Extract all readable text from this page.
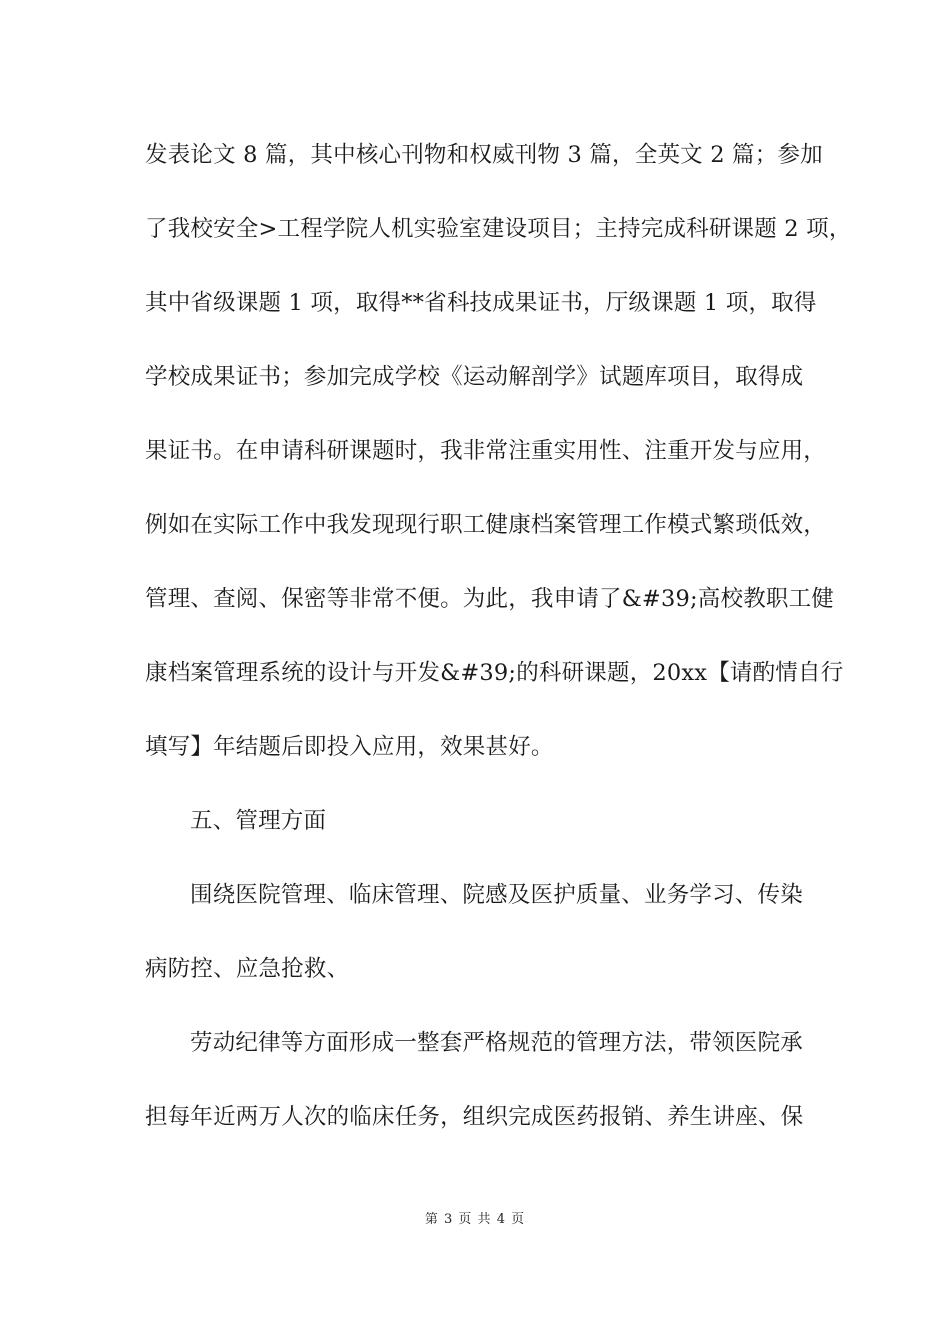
发表论文 8 篇，其中核心刊物和权威刊物 3 篇，全英文 2 篇；参加
了我校安全>工程学院人机实验室建设项目；主持完成科研课题 2 项，
其中省级课题 1 项，取得**省科技成果证书，厅级课题 1 项，取得
学校成果证书；参加完成学校《运动解剖学》试题库项目，取得成
果证书。在申请科研课题时，我非常注重实用性、注重开发与应用，
例如在实际工作中我发现现行职工健康档案管理工作模式繁琐低效，
管理、查阅、保密等非常不便。为此，我申请了&#39;高校教职工健
康档案管理系统的设计与开发&#39;的科研课题，20xx【请酌情自行
填写】年结题后即投入应用，效果甚好。
五、管理方面
围绕医院管理、临床管理、院感及医护质量、业务学习、传染
病防控、应急抢救、
劳动纪律等方面形成一整套严格规范的管理方法，带领医院承
担每年近两万人次的临床任务，组织完成医药报销、养生讲座、保
第 3 页 共 4 页
